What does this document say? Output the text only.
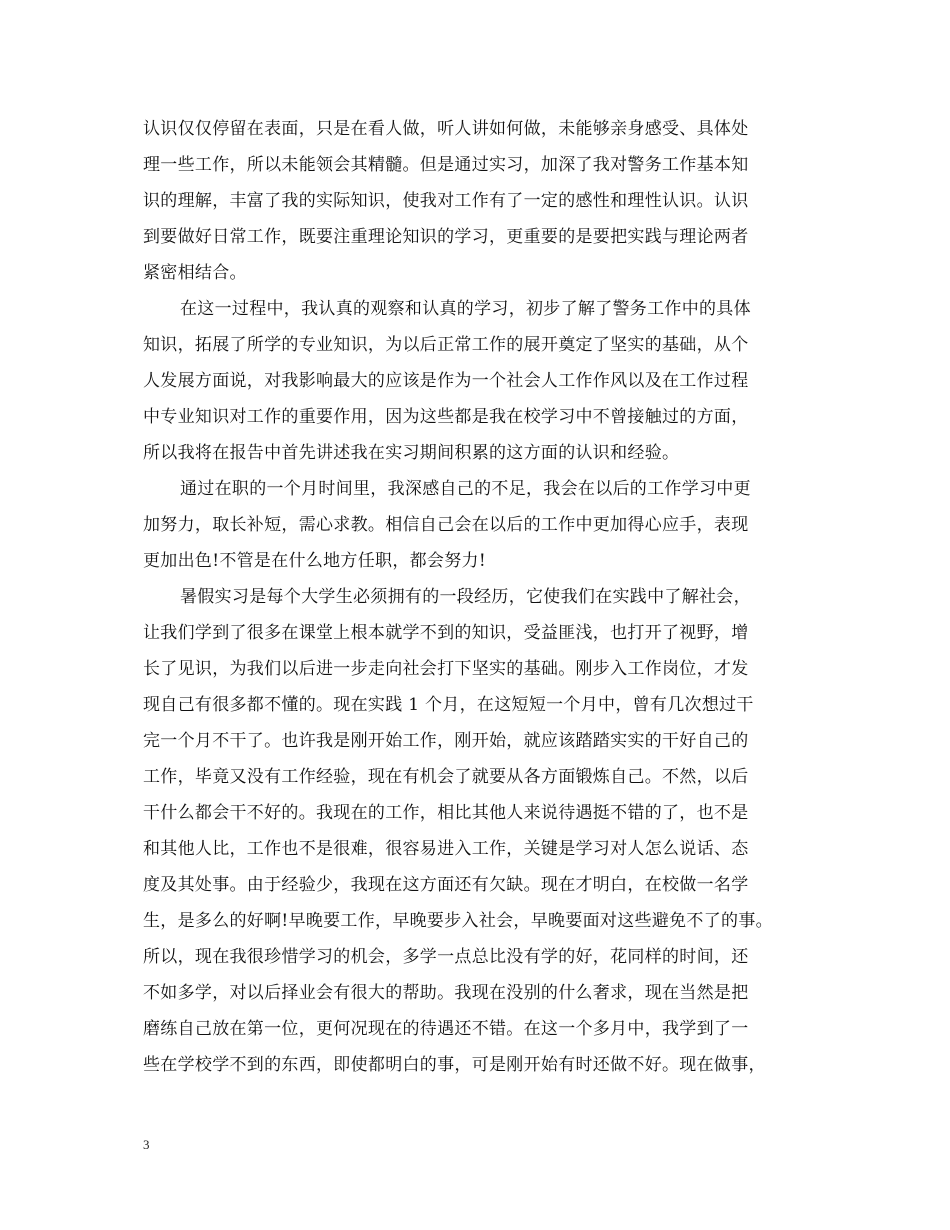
认识仅仅停留在表面，只是在看人做，听人讲如何做，未能够亲身感受、具体处
理一些工作，所以未能领会其精髓。但是通过实习，加深了我对警务工作基本知
识的理解，丰富了我的实际知识，使我对工作有了一定的感性和理性认识。认识
到要做好日常工作，既要注重理论知识的学习，更重要的是要把实践与理论两者
紧密相结合。
在这一过程中，我认真的观察和认真的学习，初步了解了警务工作中的具体
知识，拓展了所学的专业知识，为以后正常工作的展开奠定了坚实的基础，从个
人发展方面说，对我影响最大的应该是作为一个社会人工作作风以及在工作过程
中专业知识对工作的重要作用，因为这些都是我在校学习中不曾接触过的方面，
所以我将在报告中首先讲述我在实习期间积累的这方面的认识和经验。
通过在职的一个月时间里，我深感自己的不足，我会在以后的工作学习中更
加努力，取长补短，需心求教。相信自己会在以后的工作中更加得心应手，表现
更加出色!不管是在什么地方任职，都会努力!
暑假实习是每个大学生必须拥有的一段经历，它使我们在实践中了解社会，
让我们学到了很多在课堂上根本就学不到的知识，受益匪浅，也打开了视野，增
长了见识，为我们以后进一步走向社会打下坚实的基础。刚步入工作岗位，才发
现自己有很多都不懂的。现在实践 1 个月，在这短短一个月中，曾有几次想过干
完一个月不干了。也许我是刚开始工作，刚开始，就应该踏踏实实的干好自己的
工作，毕竟又没有工作经验，现在有机会了就要从各方面锻炼自己。不然，以后
干什么都会干不好的。我现在的工作，相比其他人来说待遇挺不错的了，也不是
和其他人比，工作也不是很难，很容易进入工作，关键是学习对人怎么说话、态
度及其处事。由于经验少，我现在这方面还有欠缺。现在才明白，在校做一名学
生，是多么的好啊!早晚要工作，早晚要步入社会，早晚要面对这些避免不了的事。
所以，现在我很珍惜学习的机会，多学一点总比没有学的好，花同样的时间，还
不如多学，对以后择业会有很大的帮助。我现在没别的什么奢求，现在当然是把
磨练自己放在第一位，更何况现在的待遇还不错。在这一个多月中，我学到了一
些在学校学不到的东西，即使都明白的事，可是刚开始有时还做不好。现在做事，
3
